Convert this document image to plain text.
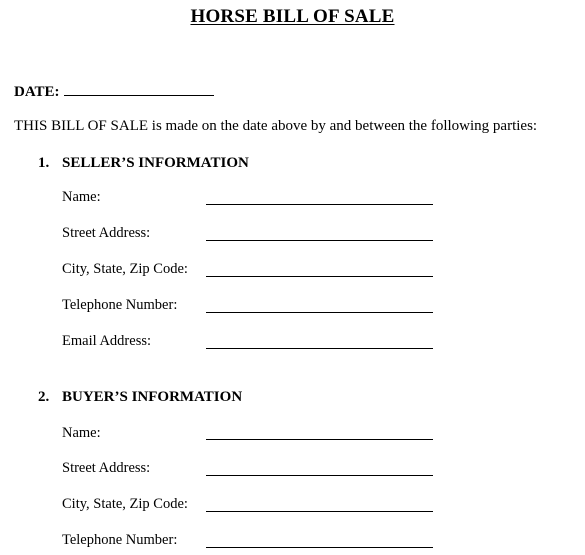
HORSE BILL OF SALE
DATE:
THIS BILL OF SALE is made on the date above by and between the following parties:
1. SELLER’S INFORMATION
Name:
Street Address:
City, State, Zip Code:
Telephone Number:
Email Address:
2. BUYER’S INFORMATION
Name:
Street Address:
City, State, Zip Code:
Telephone Number:
